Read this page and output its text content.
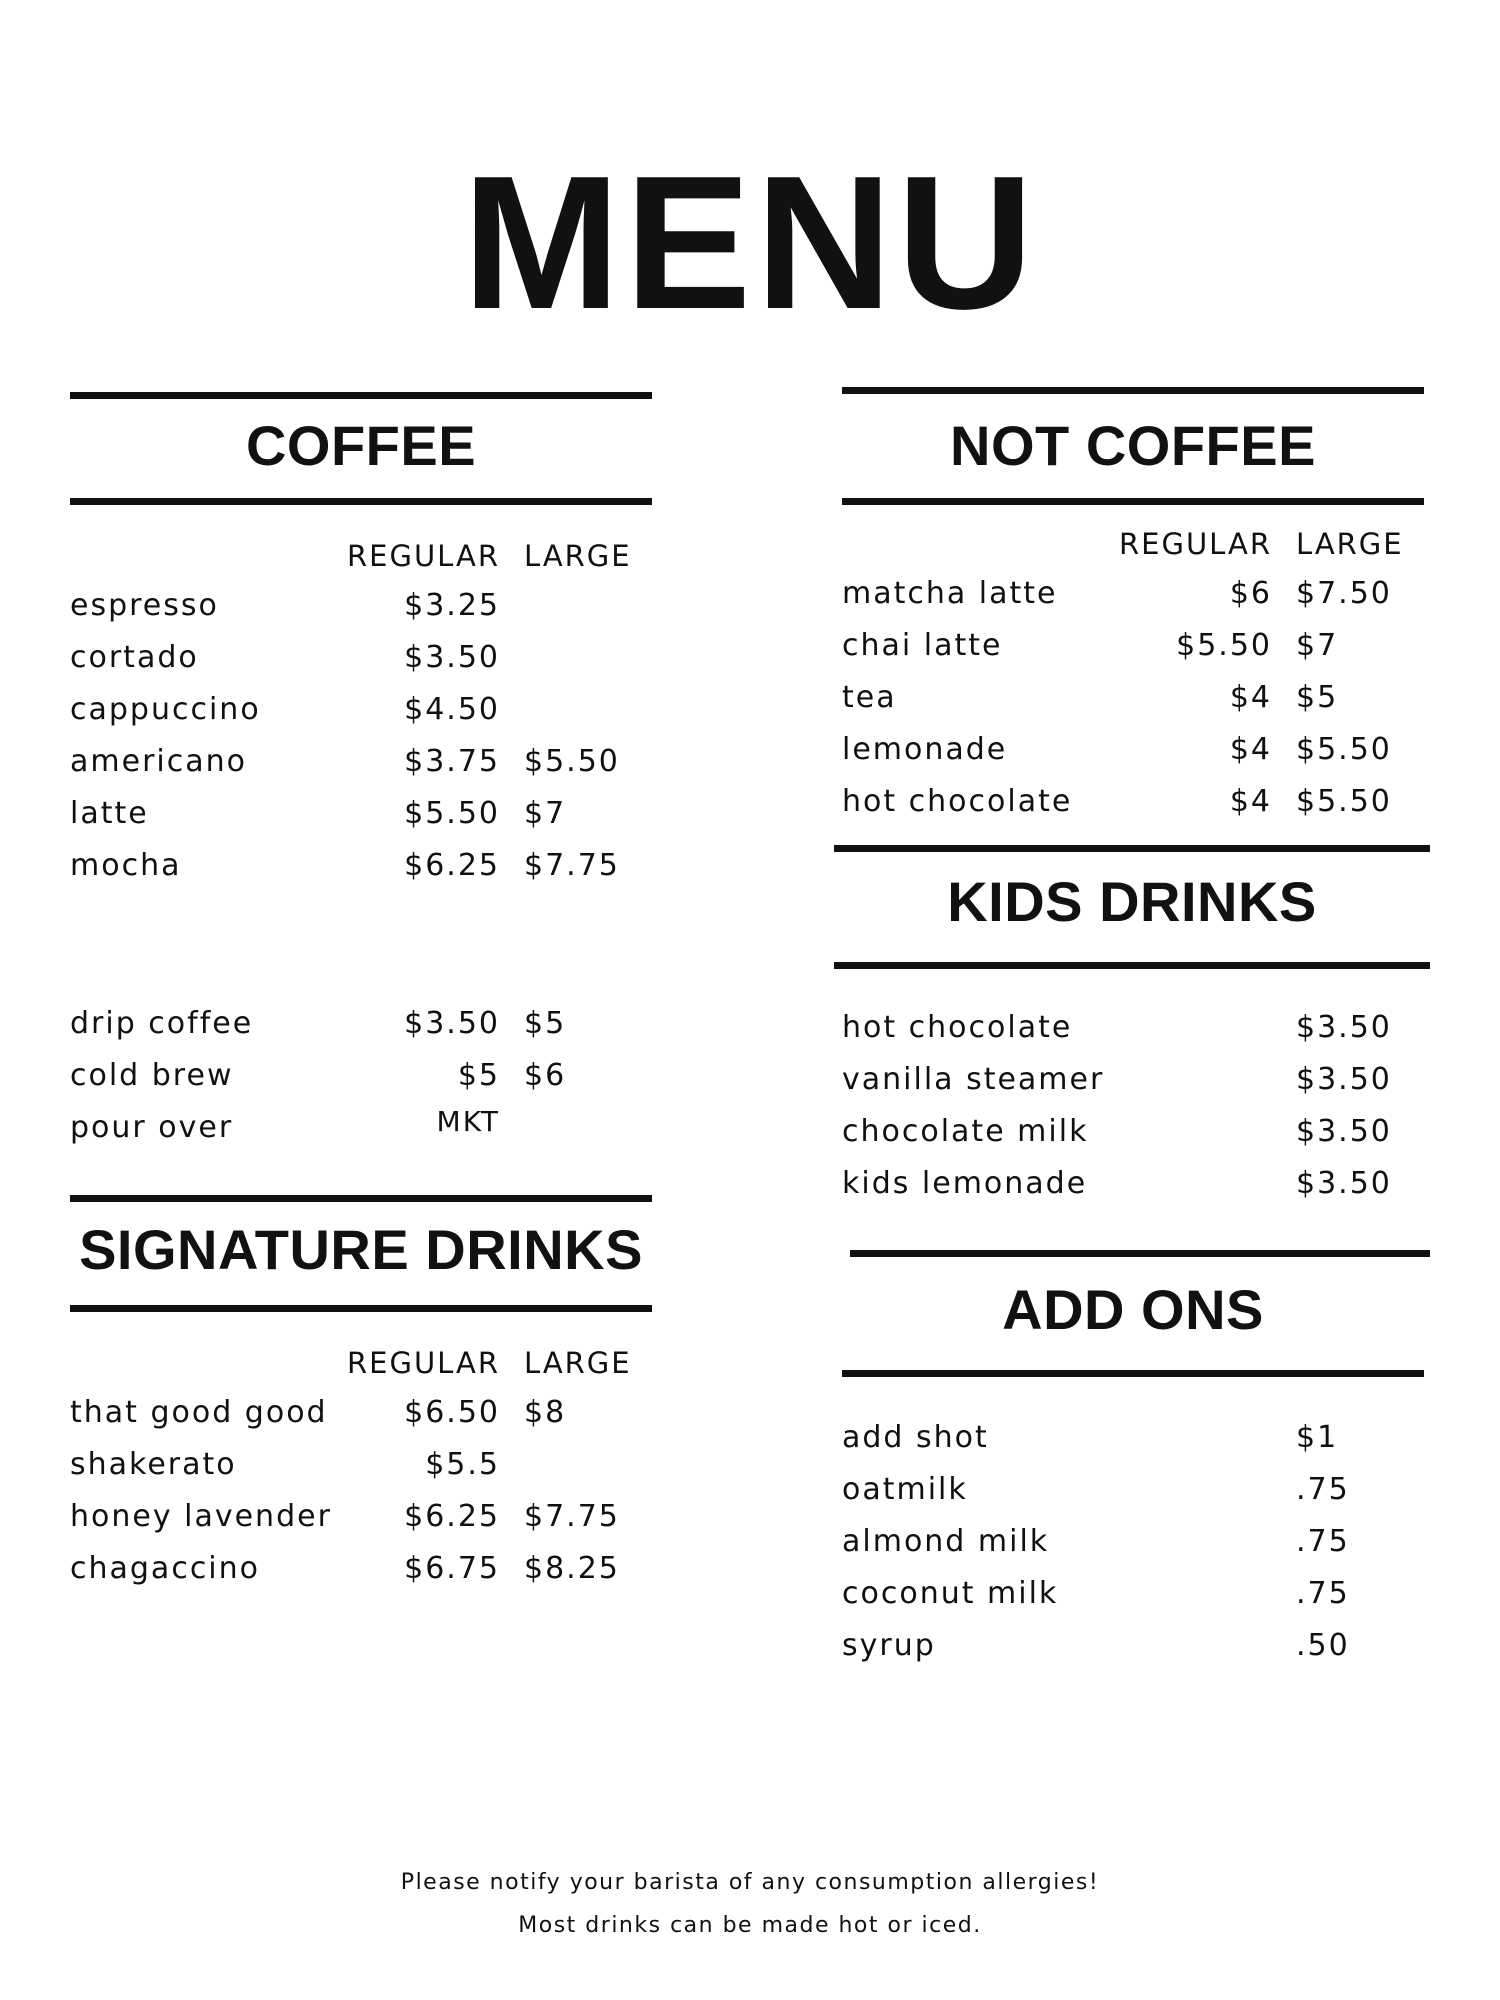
MENU
COFFEE
REGULAR LARGE
espresso	$3.25
cortado	$3.50
cappuccino	$4.50
americano	$3.75 $5.50
latte	$5.50 $7
mocha	$6.25 $7.75
drip coffee	$3.50 $5
cold brew	$5 $6
pour over	MKT
SIGNATURE DRINKS
REGULAR LARGE
that good good	$6.50 $8
shakerato	$5.5
honey lavender $6.25 $7.75
chagaccino	$6.75 $8.25
NOT COFFEE
REGULAR LARGE
matcha latte	$6 $7.50
chai latte	$5.50 $7
tea	$4 $5
lemonade	$4 $5.50
hot chocolate	$4 $5.50
KIDS DRINKS
hot chocolate	$3.50
vanilla steamer	$3.50
chocolate milk	$3.50
kids lemonade	$3.50
ADD ONS
add shot	$1
oatmilk	.75
almond milk	.75
coconut milk	.75
syrup	.50
Please notify your barista of any consumption allergies!
Most drinks can be made hot or iced.
